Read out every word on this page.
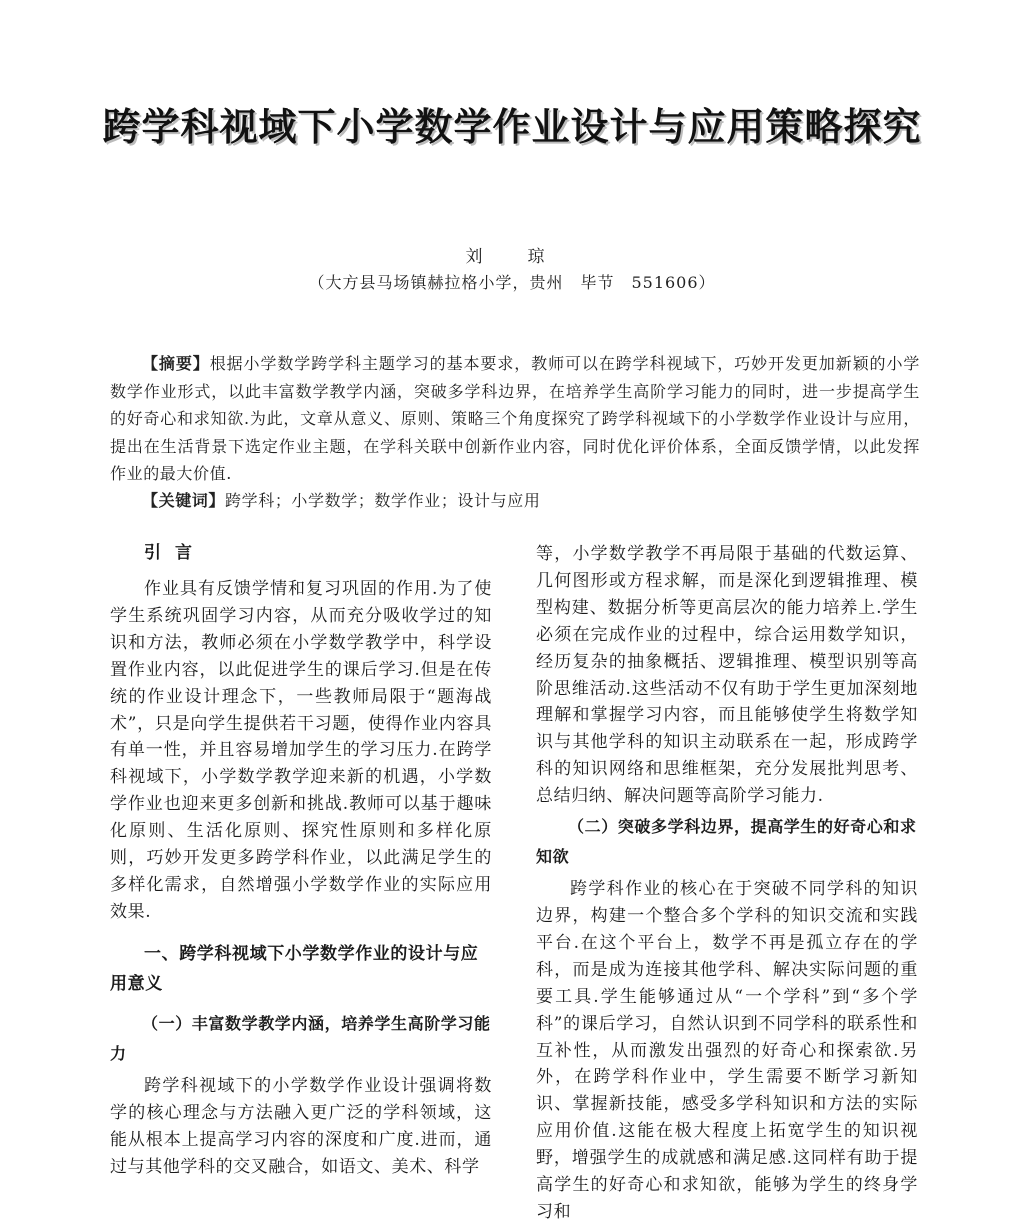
跨学科视域下小学数学作业设计与应用策略探究
刘　琼
（大方县马场镇赫拉格小学，贵州　毕节　551606）
【摘要】根据小学数学跨学科主题学习的基本要求，教师可以在跨学科视域下，巧妙开发更加新颖的小学数学作业形式，以此丰富数学教学内涵，突破多学科边界，在培养学生高阶学习能力的同时，进一步提高学生的好奇心和求知欲.为此，文章从意义、原则、策略三个角度探究了跨学科视域下的小学数学作业设计与应用，提出在生活背景下选定作业主题，在学科关联中创新作业内容，同时优化评价体系，全面反馈学情，以此发挥作业的最大价值.
【关键词】跨学科；小学数学；数学作业；设计与应用
引言

作业具有反馈学情和复习巩固的作用.为了使学生系统巩固学习内容，从而充分吸收学过的知识和方法，教师必须在小学数学教学中，科学设置作业内容，以此促进学生的课后学习.但是在传统的作业设计理念下，一些教师局限于“题海战术”，只是向学生提供若干习题，使得作业内容具有单一性，并且容易增加学生的学习压力.在跨学科视域下，小学数学教学迎来新的机遇，小学数学作业也迎来更多创新和挑战.教师可以基于趣味化原则、生活化原则、探究性原则和多样化原则，巧妙开发更多跨学科作业，以此满足学生的多样化需求，自然增强小学数学作业的实际应用效果.

一、跨学科视域下小学数学作业的设计与应用意义
（一）丰富数学教学内涵，培养学生高阶学习能力

跨学科视域下的小学数学作业设计强调将数学的核心理念与方法融入更广泛的学科领域，这能从根本上提高学习内容的深度和广度.进而，通过与其他学科的交叉融合，如语文、美术、科学

等，小学数学教学不再局限于基础的代数运算、几何图形或方程求解，而是深化到逻辑推理、模型构建、数据分析等更高层次的能力培养上.学生必须在完成作业的过程中，综合运用数学知识，经历复杂的抽象概括、逻辑推理、模型识别等高阶思维活动.这些活动不仅有助于学生更加深刻地理解和掌握学习内容，而且能够使学生将数学知识与其他学科的知识主动联系在一起，形成跨学科的知识网络和思维框架，充分发展批判思考、总结归纳、解决问题等高阶学习能力.

（二）突破多学科边界，提高学生的好奇心和求知欲

跨学科作业的核心在于突破不同学科的知识边界，构建一个整合多个学科的知识交流和实践平台.在这个平台上，数学不再是孤立存在的学科，而是成为连接其他学科、解决实际问题的重要工具.学生能够通过从“一个学科”到“多个学科”的课后学习，自然认识到不同学科的联系性和互补性，从而激发出强烈的好奇心和探索欲.另外，在跨学科作业中，学生需要不断学习新知识、掌握新技能，感受多学科知识和方法的实际应用价值.这能在极大程度上拓宽学生的知识视野，增强学生的成就感和满足感.这同样有助于提高学生的好奇心和求知欲，能够为学生的终身学习和
